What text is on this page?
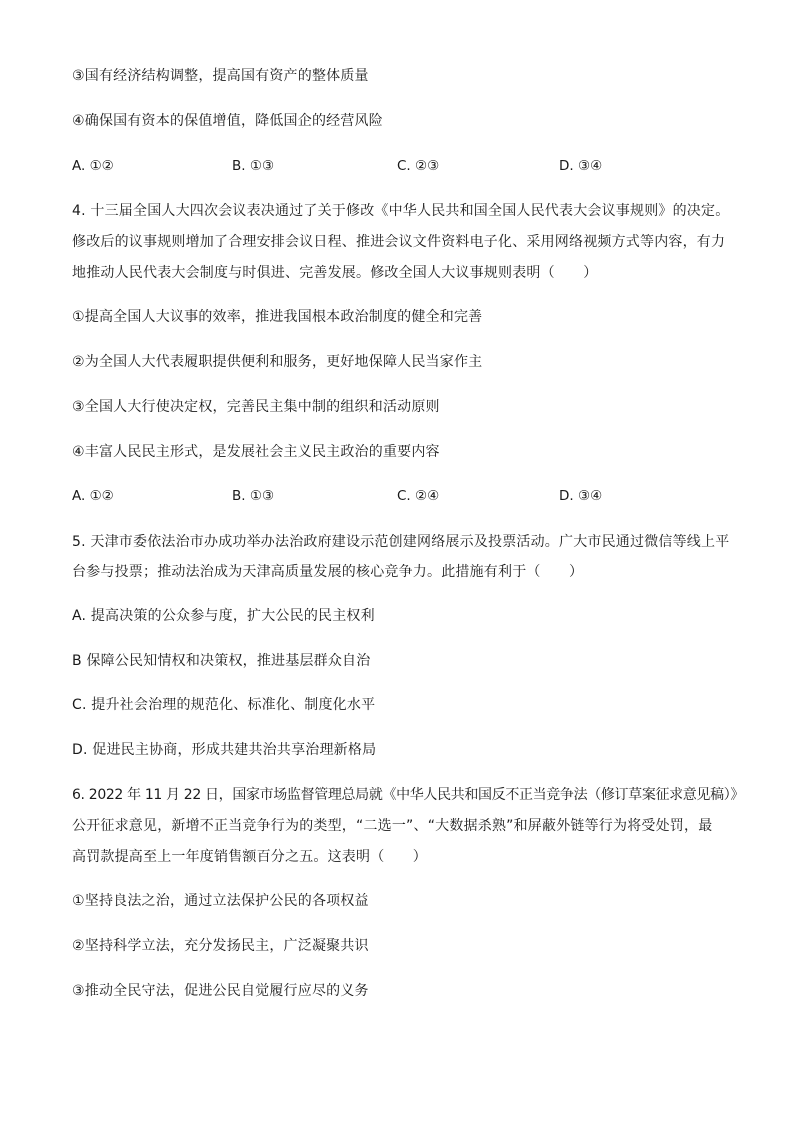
③国有经济结构调整，提高国有资产的整体质量
④确保国有资本的保值增值，降低国企的经营风险
A. ①②	B. ①③	C. ②③	D. ③④
4. 十三届全国人大四次会议表决通过了关于修改《中华人民共和国全国人民代表大会议事规则》的决定。
修改后的议事规则增加了合理安排会议日程、推进会议文件资料电子化、采用网络视频方式等内容，有力
地推动人民代表大会制度与时俱进、完善发展。修改全国人大议事规则表明（　　）
①提高全国人大议事的效率，推进我国根本政治制度的健全和完善
②为全国人大代表履职提供便利和服务，更好地保障人民当家作主
③全国人大行使决定权，完善民主集中制的组织和活动原则
④丰富人民民主形式，是发展社会主义民主政治的重要内容
A. ①②	B. ①③	C. ②④	D. ③④
5. 天津市委依法治市办成功举办法治政府建设示范创建网络展示及投票活动。广大市民通过微信等线上平
台参与投票；推动法治成为天津高质量发展的核心竞争力。此措施有利于（　　）
A. 提高决策的公众参与度，扩大公民的民主权利
B 保障公民知情权和决策权，推进基层群众自治
C. 提升社会治理的规范化、标准化、制度化水平
D. 促进民主协商，形成共建共治共享治理新格局
6. 2022 年 11 月 22 日，国家市场监督管理总局就《中华人民共和国反不正当竞争法（修订草案征求意见稿）》
公开征求意见，新增不正当竞争行为的类型，“二选一”、“大数据杀熟”和屏蔽外链等行为将受处罚，最
高罚款提高至上一年度销售额百分之五。这表明（　　）
①坚持良法之治，通过立法保护公民的各项权益
②坚持科学立法，充分发扬民主，广泛凝聚共识
③推动全民守法，促进公民自觉履行应尽的义务
